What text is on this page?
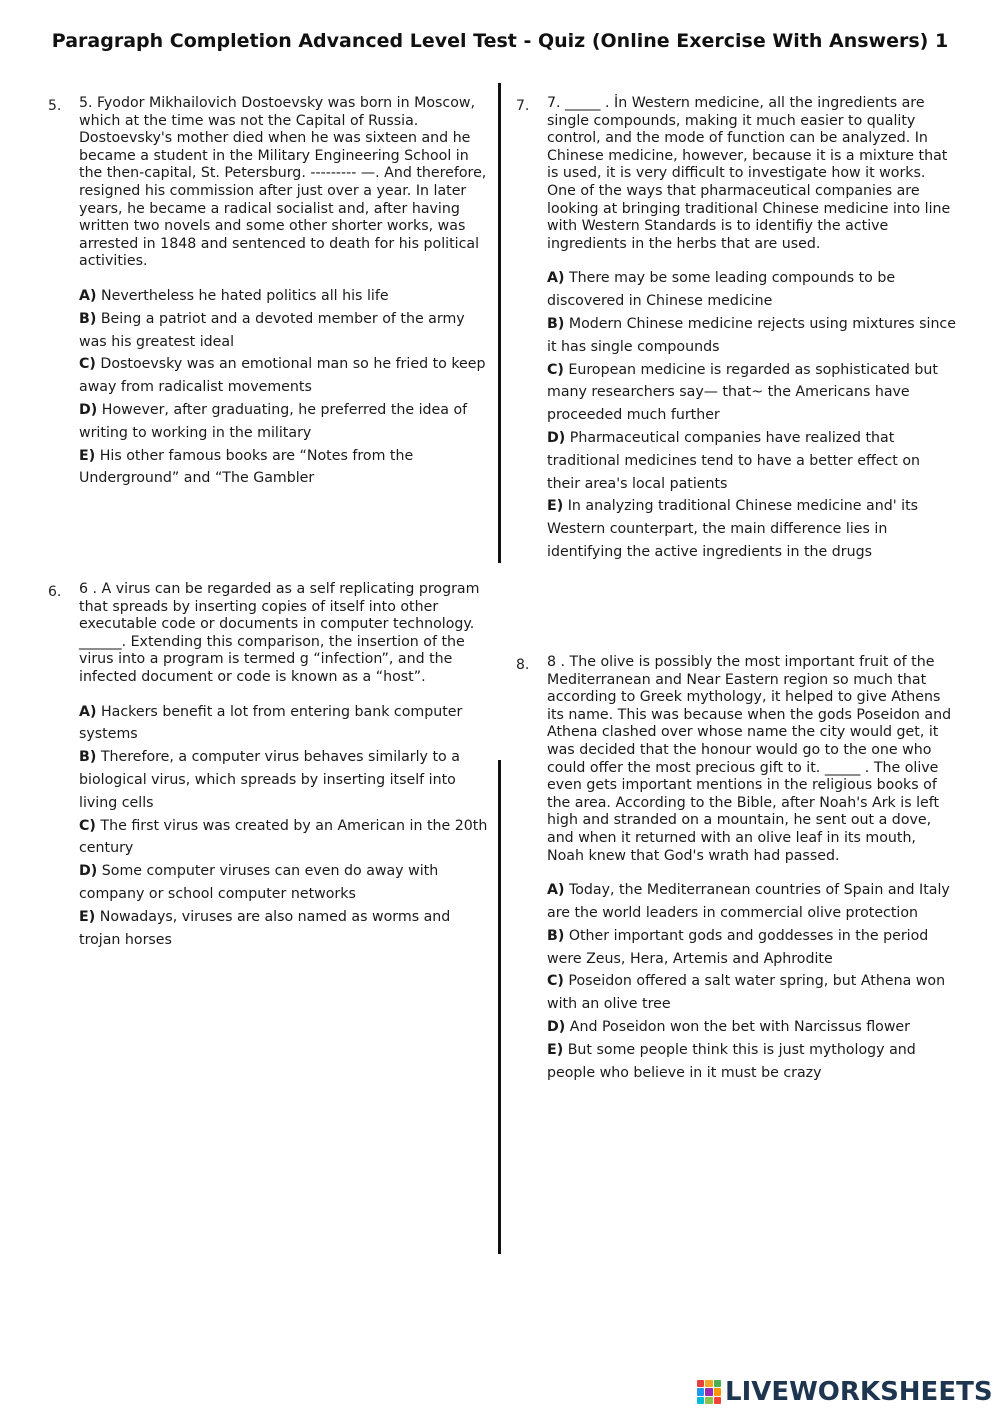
Paragraph Completion Advanced Level Test - Quiz (Online Exercise With Answers) 1
5. 5. Fyodor Mikhailovich Dostoevsky was born in Moscow, which at the time was not the Capital of Russia. Dostoevsky's mother died when he was sixteen and he became a student in the Military Engineering School in the then-capital, St. Petersburg. --------- —. And therefore, resigned his commission after just over a year. In later years, he became a radical socialist and, after having written two novels and some other shorter works, was arrested in 1848 and sentenced to death for his political activities.

A) Nevertheless he hated politics all his life

B) Being a patriot and a devoted member of the army was his greatest ideal

C) Dostoevsky was an emotional man so he fried to keep away from radicalist movements

D) However, after graduating, he preferred the idea of writing to working in the military

E) His other famous books are “Notes from the Underground” and “The Gambler

6. 6 . A virus can be regarded as a self replicating program that spreads by inserting copies of itself into other executable code or documents in computer technology. ______. Extending this comparison, the insertion of the virus into a program is termed g “infection”, and the infected document or code is known as a “host”.

A) Hackers benefit a lot from entering bank computer systems

B) Therefore, a computer virus behaves similarly to a biological virus, which spreads by inserting itself into living cells

C) The first virus was created by an American in the 20th century

D) Some computer viruses can even do away with company or school computer networks

E) Nowadays, viruses are also named as worms and trojan horses

7. 7. _____ . İn Western medicine, all the ingredients are single compounds, making it much easier to quality control, and the mode of function can be analyzed. In Chinese medicine, however, because it is a mixture that is used, it is very difficult to investigate how it works. One of the ways that pharmaceutical companies are looking at bringing traditional Chinese medicine into line with Western Standards is to identifiy the active ingredients in the herbs that are used.

A) There may be some leading compounds to be discovered in Chinese medicine

B) Modern Chinese medicine rejects using mixtures since it has single compounds

C) European medicine is regarded as sophisticated but many researchers say— that~ the Americans have proceeded much further

D) Pharmaceutical companies have realized that traditional medicines tend to have a better effect on their area's local patients

E) In analyzing traditional Chinese medicine and' its Western counterpart, the main difference lies in identifying the active ingredients in the drugs

8. 8 . The olive is possibly the most important fruit of the Mediterranean and Near Eastern region so much that according to Greek mythology, it helped to give Athens its name. This was because when the gods Poseidon and Athena clashed over whose name the city would get, it was decided that the honour would go to the one who could offer the most precious gift to it. _____ . The olive even gets important mentions in the religious books of the area. According to the Bible, after Noah's Ark is left high and stranded on a mountain, he sent out a dove, and when it returned with an olive leaf in its mouth, Noah knew that God's wrath had passed.

A) Today, the Mediterranean countries of Spain and Italy are the world leaders in commercial olive protection

B) Other important gods and goddesses in the period were Zeus, Hera, Artemis and Aphrodite

C) Poseidon offered a salt water spring, but Athena won with an olive tree

D) And Poseidon won the bet with Narcissus flower

E) But some people think this is just mythology and people who believe in it must be crazy

LIVEWORKSHEETS
